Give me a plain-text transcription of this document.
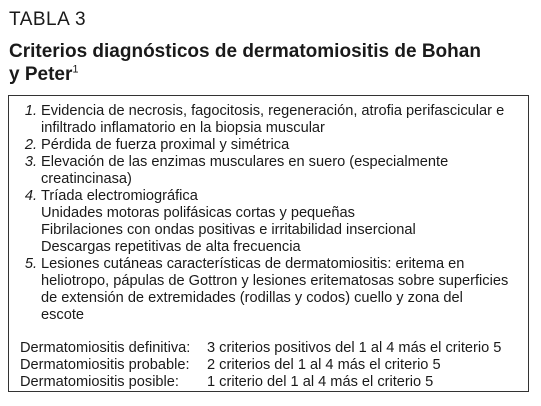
TABLA 3
Criterios diagnósticos de dermatomiositis de Bohan
y Peter$^1$
1. Evidencia de necrosis, fagocitosis, regeneración, atrofia perifascicular e
infiltrado inflamatorio en la biopsia muscular
2. Pérdida de fuerza proximal y simétrica
3. Elevación de las enzimas musculares en suero (especialmente
creatincinasa)
4. Tríada electromiográfica
Unidades motoras polifásicas cortas y pequeñas
Fibrilaciones con ondas positivas e irritabilidad insercional
Descargas repetitivas de alta frecuencia
5. Lesiones cutáneas características de dermatomiositis: eritema en
heliotropo, pápulas de Gottron y lesiones eritematosas sobre superficies
de extensión de extremidades (rodillas y codos) cuello y zona del
escote
Dermatomiositis definitiva:	3 criterios positivos del 1 al 4 más el criterio 5
Dermatomiositis probable:	2 criterios del 1 al 4 más el criterio 5
Dermatomiositis posible:	1 criterio del 1 al 4 más el criterio 5
